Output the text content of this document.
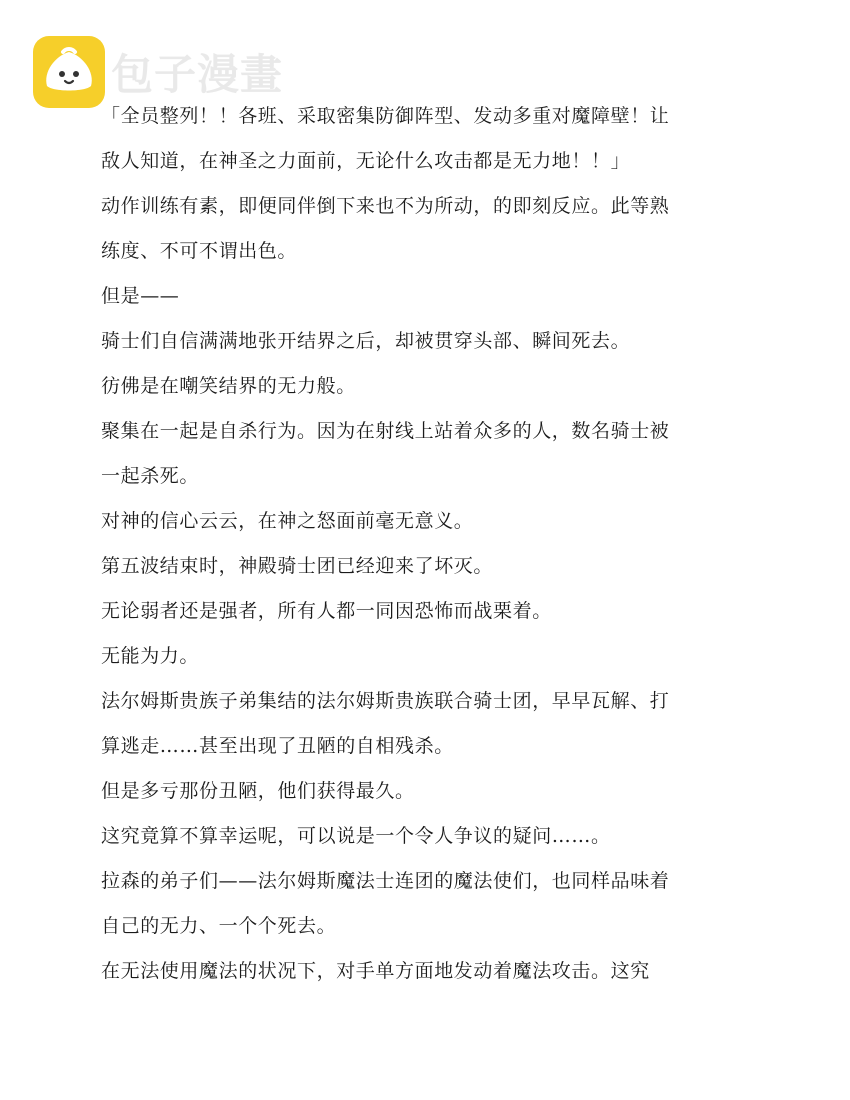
包子漫畫

「全员整列！！各班、采取密集防御阵型、发动多重对魔障壁！让

敌人知道，在神圣之力面前，无论什么攻击都是无力地！！」

动作训练有素，即便同伴倒下来也不为所动，的即刻反应。此等熟

练度、不可不谓出色。

但是——

骑士们自信满满地张开结界之后，却被贯穿头部、瞬间死去。

彷佛是在嘲笑结界的无力般。

聚集在一起是自杀行为。因为在射线上站着众多的人，数名骑士被

一起杀死。

对神的信心云云，在神之怒面前毫无意义。

第五波结束时，神殿骑士团已经迎来了坏灭。

无论弱者还是强者，所有人都一同因恐怖而战栗着。

无能为力。

法尔姆斯贵族子弟集结的法尔姆斯贵族联合骑士团，早早瓦解、打

算逃走……甚至出现了丑陋的自相残杀。

但是多亏那份丑陋，他们获得最久。

这究竟算不算幸运呢，可以说是一个令人争议的疑问……。

拉森的弟子们——法尔姆斯魔法士连团的魔法使们，也同样品味着

自己的无力、一个个死去。

在无法使用魔法的状况下，对手单方面地发动着魔法攻击。这究
